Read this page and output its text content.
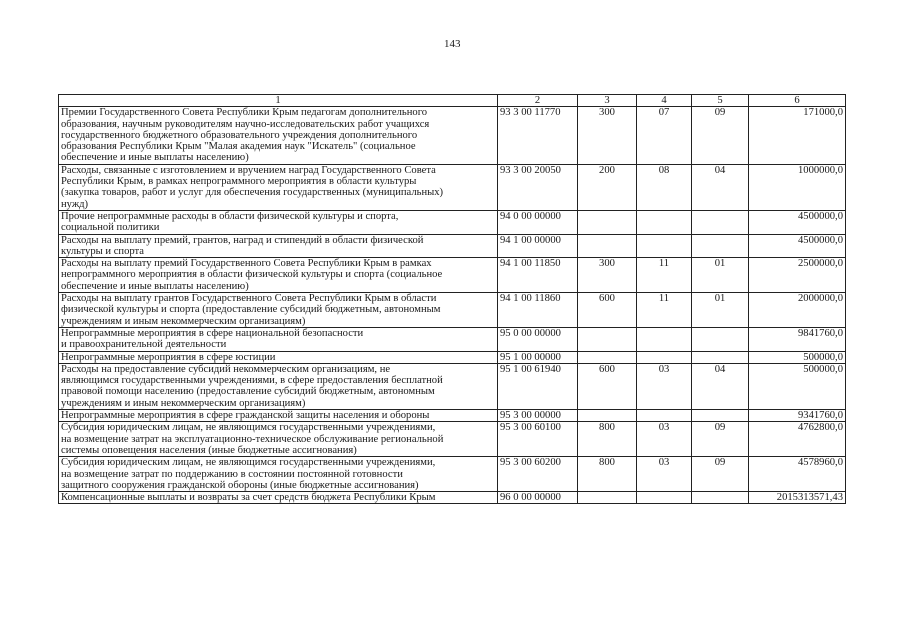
143
1	2	3	4	5	6

Премии Государственного Совета Республики Крым педагогам дополнительного
образования, научным руководителям научно-исследовательских работ учащихся
государственного бюджетного образовательного учреждения дополнительного
образования Республики Крым "Малая академия наук "Искатель" (социальное
обеспечение и иные выплаты населению)	93 3 00 11770	300	07	09	171000,0

Расходы, связанные с изготовлением и вручением наград Государственного Совета
Республики Крым, в рамках непрограммного мероприятия в области культуры
(закупка товаров, работ и услуг для обеспечения государственных (муниципальных)
нужд)	93 3 00 20050	200	08	04	1000000,0

Прочие непрограммные расходы в области физической культуры и спорта,
социальной политики	94 0 00 00000				4500000,0

Расходы на выплату премий, грантов, наград и стипендий в области физической
культуры и спорта	94 1 00 00000				4500000,0

Расходы на выплату премий Государственного Совета Республики Крым в рамках
непрограммного мероприятия в области физической культуры и спорта (социальное
обеспечение и иные выплаты населению)	94 1 00 11850	300	11	01	2500000,0

Расходы на выплату грантов Государственного Совета Республики Крым в области
физической культуры и спорта (предоставление субсидий бюджетным, автономным
учреждениям и иным некоммерческим организациям)	94 1 00 11860	600	11	01	2000000,0

Непрограммные мероприятия в сфере национальной безопасности
и правоохранительной деятельности	95 0 00 00000				9841760,0

Непрограммные мероприятия в сфере юстиции	95 1 00 00000				500000,0

Расходы на предоставление субсидий некоммерческим организациям, не
являющимся государственными учреждениями, в сфере предоставления бесплатной
правовой помощи населению (предоставление субсидий бюджетным, автономным
учреждениям и иным некоммерческим организациям)	95 1 00 61940	600	03	04	500000,0

Непрограммные мероприятия в сфере гражданской защиты населения и обороны	95 3 00 00000				9341760,0

Субсидия юридическим лицам, не являющимся государственными учреждениями,
на возмещение затрат на эксплуатационно-техническое обслуживание региональной
системы оповещения населения (иные бюджетные ассигнования)	95 3 00 60100	800	03	09	4762800,0

Субсидия юридическим лицам, не являющимся государственными учреждениями,
на возмещение затрат по поддержанию в состоянии постоянной готовности
защитного сооружения гражданской обороны (иные бюджетные ассигнования)	95 3 00 60200	800	03	09	4578960,0

Компенсационные выплаты и возвраты за счет средств бюджета Республики Крым	96 0 00 00000				2015313571,43
